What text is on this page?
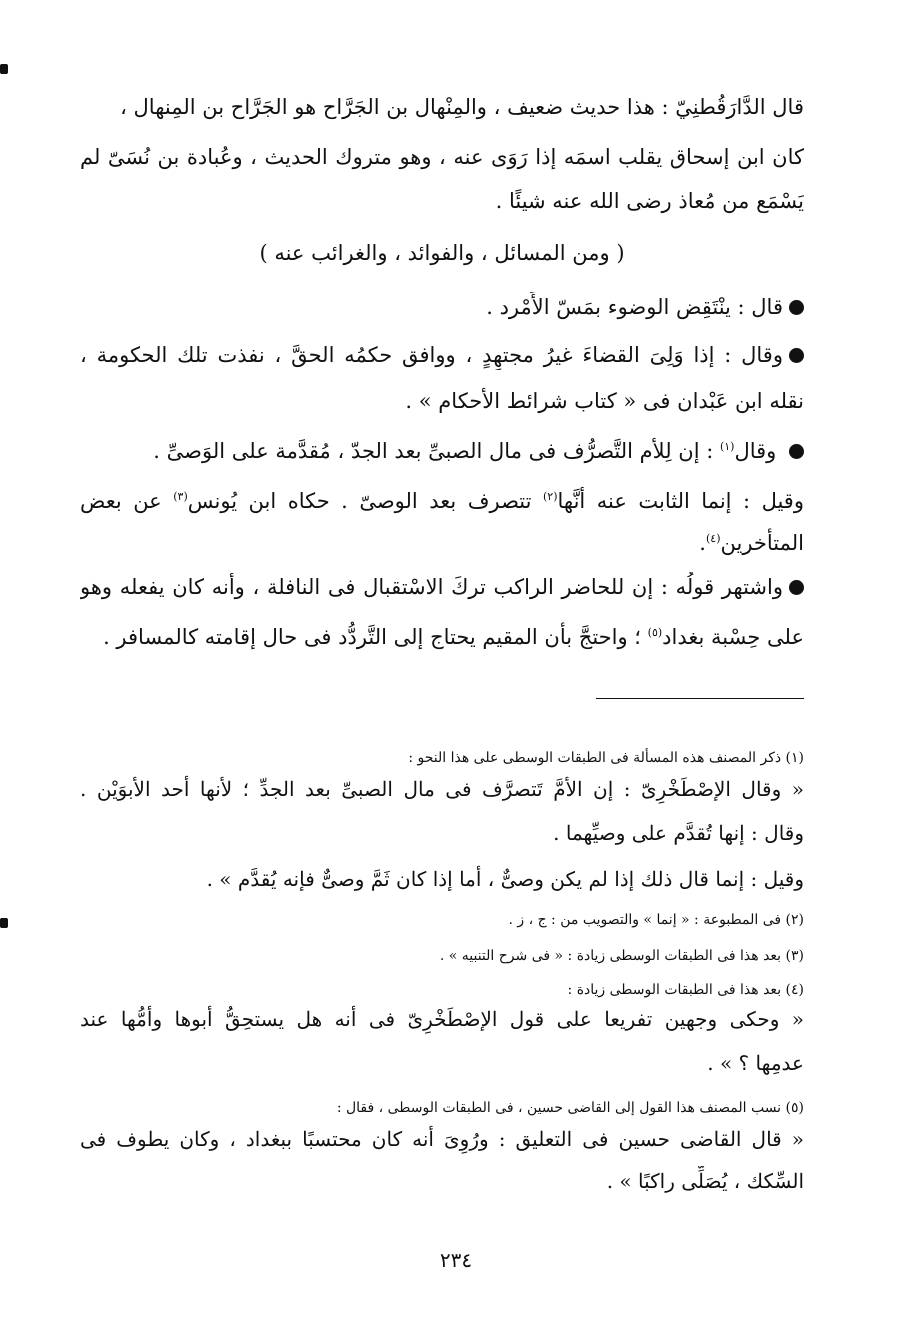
قال الدَّارَقُطنِيّ : هذا حديث ضعيف ، والمِنْهال بن الجَرَّاح هو الجَرَّاح بن المِنهال ،
كان ابن إسحاق يقلب اسمَه إذا رَوَى عنه ، وهو متروك الحديث ، وعُبادة بن نُسَىّ لم
يَسْمَع من مُعاذ رضى الله عنه شيئًا .
( ومن المسائل ، والفوائد ، والغرائب عنه )
قال : ينْتَقِض الوضوء بمَسّ الأَمْرد .
وقال : إذا وَلِىَ القضاءَ غيرُ مجتهِدٍ ، ووافق حكمُه الحقَّ ، نفذت تلك الحكومة ،
نقله ابن عَبْدان فى « كتاب شرائط الأحكام » .
وقال$^{(١)}$ : إن لِلأم التَّصرُّف فى مال الصبىِّ بعد الجدّ ، مُقدَّمة على الوَصىِّ .
وقيل : إنما الثابت عنه أنَّها$^{(٢)}$ تتصرف بعد الوصىّ . حكاه ابن يُونس$^{(٣)}$ عن بعض
المتأخرين$^{(٤)}$.
واشتهر قولُه : إن للحاضر الراكب تركَ الاسْتقبال فى النافلة ، وأنه كان يفعله وهو
على حِسْبة بغداد$^{(٥)}$ ؛ واحتجَّ بأن المقيم يحتاج إلى التَّردُّد فى حال إقامته كالمسافر .
(١) ذكر المصنف هذه المسألة فى الطبقات الوسطى على هذا النحو :
« وقال الإصْطَخْرِىّ : إن الأمَّ تَتصرَّف فى مال الصبىِّ بعد الجدِّ ؛ لأنها أحد الأبوَيْن .
وقال : إنها تُقدَّم على وصيِّهما .
وقيل : إنما قال ذلك إذا لم يكن وصىٌّ ، أما إذا كان ثَمَّ وصىٌّ فإنه يُقدَّم » .
(٢) فى المطبوعة : « إنما » والتصويب من : ج ، ز .
(٣) بعد هذا فى الطبقات الوسطى زيادة : « فى شرح التنبيه » .
(٤) بعد هذا فى الطبقات الوسطى زيادة :
« وحكى وجهين تفريعا على قول الإصْطَخْرِىّ فى أنه هل يستحِقُّ أبوها وأمُّها عند
عدمِها ؟ » .
(٥) نسب المصنف هذا القول إلى القاضى حسين ، فى الطبقات الوسطى ، فقال :
« قال القاضى حسين فى التعليق : ورُوِىَ أنه كان محتسبًا ببغداد ، وكان يطوف فى
السِّكك ، يُصَلِّى راكبًا » .
٢٣٤
